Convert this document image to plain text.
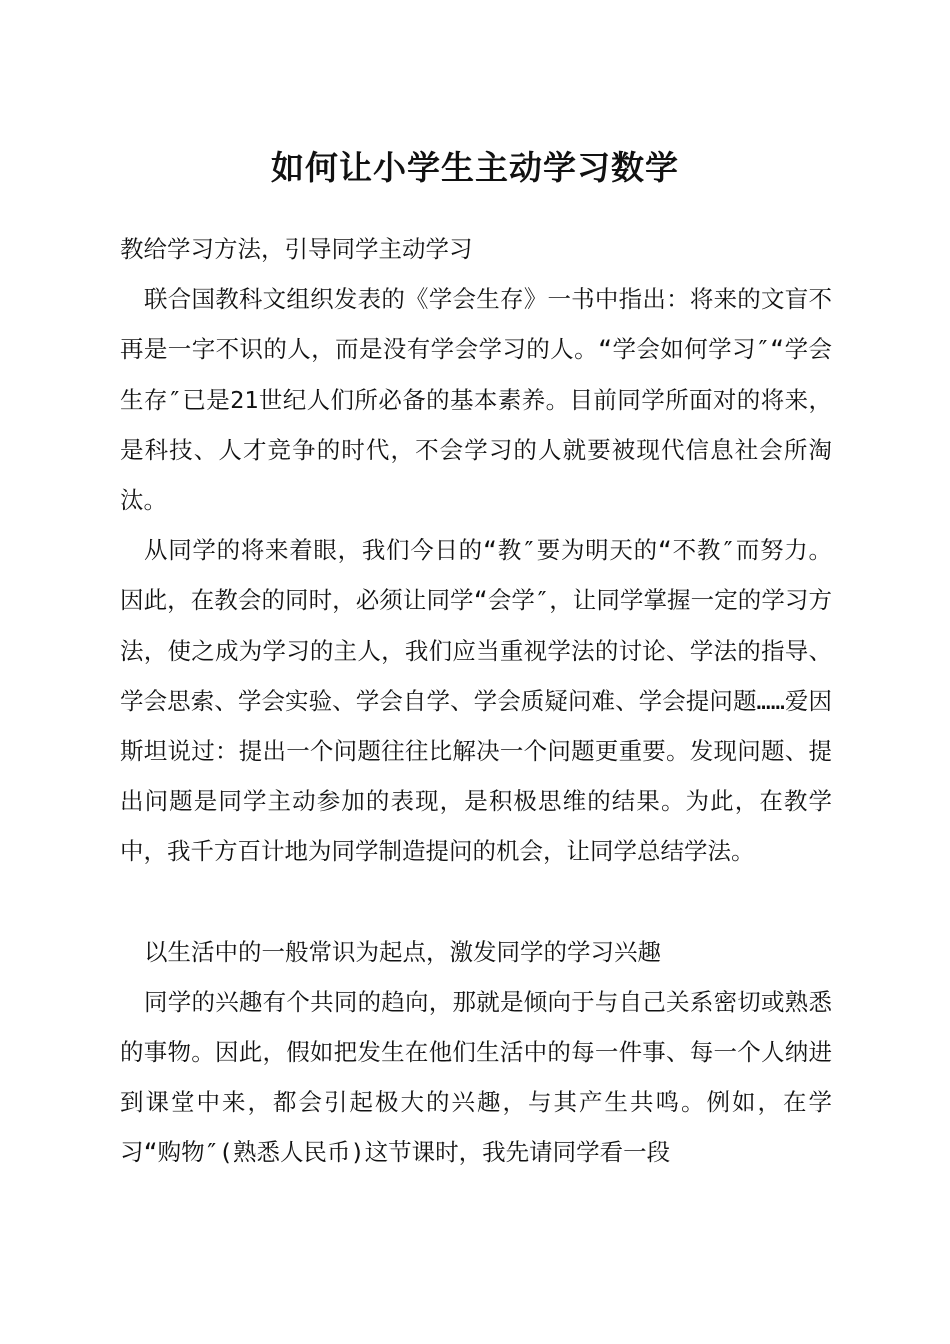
如何让小学生主动学习数学

教给学习方法，引导同学主动学习

联合国教科文组织发表的《学会生存》一书中指出：将来的文盲不再是一字不识的人，而是没有学会学习的人。“学会如何学习″“学会生存″已是21世纪人们所必备的基本素养。目前同学所面对的将来，是科技、人才竞争的时代，不会学习的人就要被现代信息社会所淘汰。

从同学的将来着眼，我们今日的“教″要为明天的“不教″而努力。因此，在教会的同时，必须让同学“会学″，让同学掌握一定的学习方法，使之成为学习的主人，我们应当重视学法的讨论、学法的指导、学会思索、学会实验、学会自学、学会质疑问难、学会提问题……爱因斯坦说过：提出一个问题往往比解决一个问题更重要。发现问题、提出问题是同学主动参加的表现，是积极思维的结果。为此，在教学中，我千方百计地为同学制造提问的机会，让同学总结学法。

以生活中的一般常识为起点，激发同学的学习兴趣

同学的兴趣有个共同的趋向，那就是倾向于与自己关系密切或熟悉的事物。因此，假如把发生在他们生活中的每一件事、每一个人纳进到课堂中来，都会引起极大的兴趣，与其产生共鸣。例如，在学习“购物″(熟悉人民币)这节课时，我先请同学看一段
